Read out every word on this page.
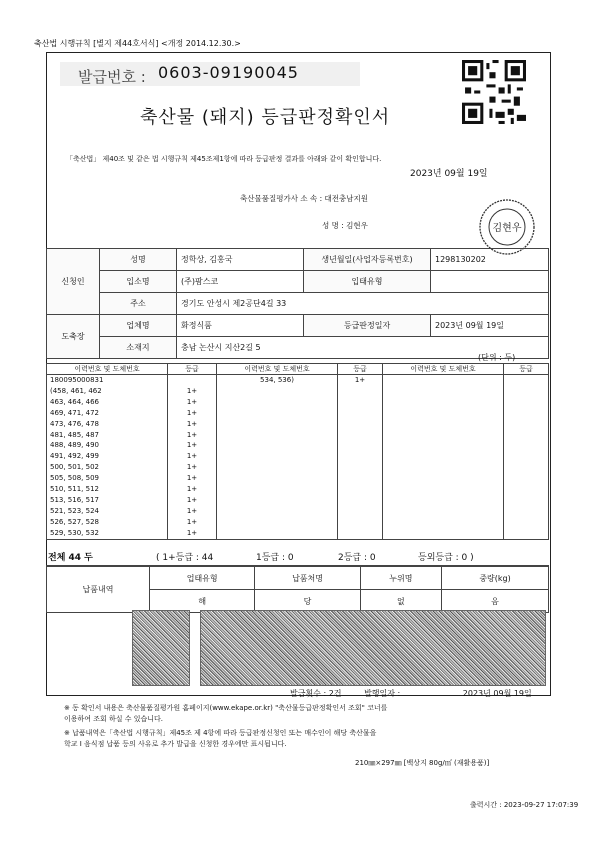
축산법 시행규칙 [별지 제44호서식] <개정 2014.12.30.>
발급번호 : 0603-09190045
축산물 (돼지) 등급판정확인서
「축산법」 제40조 및 같은 법 시행규칙 제45조제1항에 따라 등급판정 결과를 아래와 같이 확인합니다.
2023년 09월 19일
축산물품질평가사 소 속 : 대전충남지원
성 명 : 김현우	김현우
신청인	성명	정학상, 김홍국	생년월일(사업자등록번호)	1298130202
	입소명	(주)팜스코	입태유형	
	주소	경기도 안성시 제2공단4길 33		
도축장	업체명	화정식품	등급판정일자	2023년 09월 19일
	소재지	충남 논산시 지산2길 5		
(단위 : 두)
이력번호 및 도체번호	등급	이력번호 및 도체번호	등급	이력번호 및 도체번호	등급
180095000831		534, 536)	1+		
(458, 461, 462	1+				
463, 464, 466	1+				
469, 471, 472	1+				
473, 476, 478	1+				
481, 485, 487	1+				
488, 489, 490	1+				
491, 492, 499	1+				
500, 501, 502	1+				
505, 508, 509	1+				
510, 511, 512	1+				
513, 516, 517	1+				
521, 523, 524	1+				
526, 527, 528	1+				
529, 530, 532	1+				
전체 44 두	( 1+등급 : 44	1등급 : 0	2등급 : 0	등외등급 : 0 )
납품내역	업태유형	납품처명	누위명	중량(kg)
	해	당	없	음
발급횟수 : 2건	발행일자 :	2023년 09월 19일
※ 동 확인서 내용은 축산물품질평가원 홈페이지(www.ekape.or.kr) "축산물등급판정확인서 조회" 코너를
이용하여 조회 하실 수 있습니다.
※ 납품내역은「축산법 시행규칙」제45조 제 4항에 따라 등급판정신청인 또는 매수인이 해당 축산물을
학교 I 음식점 납품 등의 사유로 추가 발급을 신청한 경우에만 표시됩니다.
210㎜×297㎜ [백상지 80g/㎡ (재활용품)]
출력시간 : 2023-09-27 17:07:39
